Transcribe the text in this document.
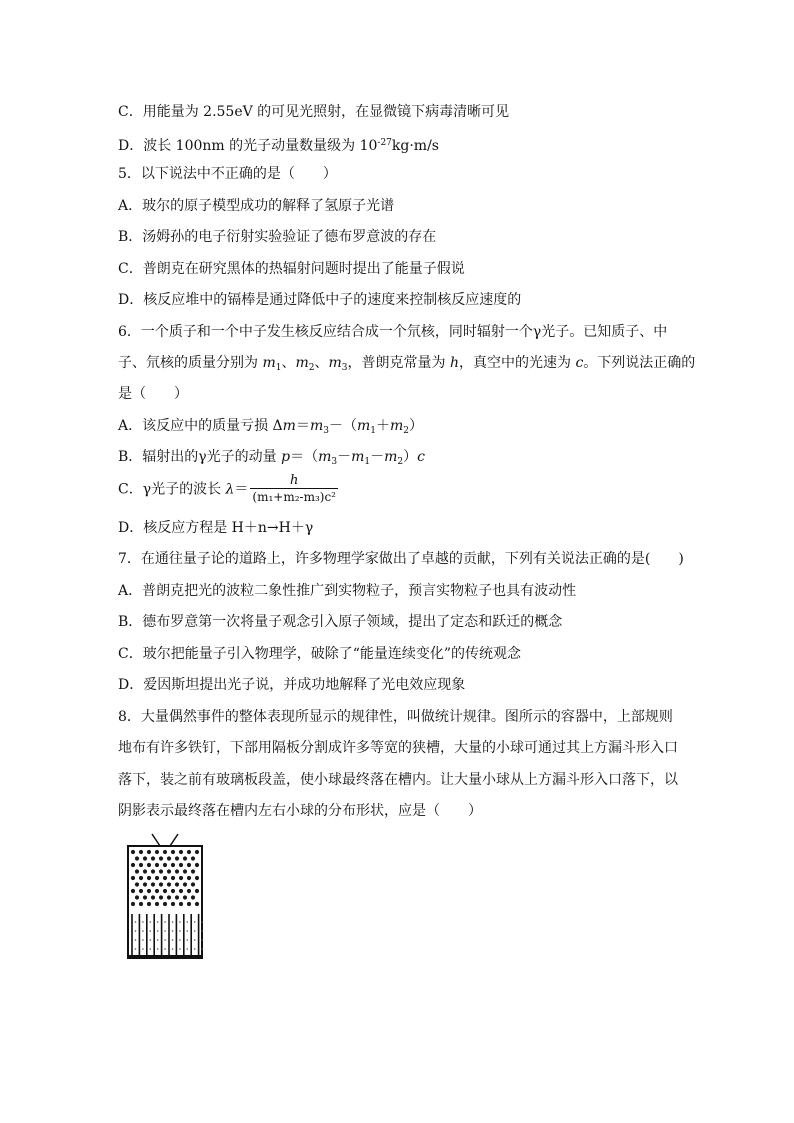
C．用能量为 2.55eV 的可见光照射，在显微镜下病毒清晰可见
D．波长 100nm 的光子动量数量级为 $10^{-27}kg\cdot m/s$
5．以下说法中不正确的是（　　）
A．玻尔的原子模型成功的解释了氢原子光谱
B．汤姆孙的电子衍射实验验证了德布罗意波的存在
C．普朗克在研究黑体的热辐射问题时提出了能量子假说
D．核反应堆中的镉棒是通过降低中子的速度来控制核反应速度的
6．一个质子和一个中子发生核反应结合成一个氘核，同时辐射一个γ光子。已知质子、中
子、氘核的质量分别为 $m_1$、$m_2$、$m_3$，普朗克常量为 h，真空中的光速为 c。下列说法正确的
是（　　）
A．该反应中的质量亏损 $\Delta m=m_3-(m_1+m_2)$
B．辐射出的γ光子的动量 $p=(m_3-m_1-m_2)c$
C．γ光子的波长 $\lambda= \frac{h}{\text{(m₁+m₂-m₃)c²}}$
D．核反应方程是 H＋n→H＋γ
7．在通往量子论的道路上，许多物理学家做出了卓越的贡献，下列有关说法正确的是(　　)
A．普朗克把光的波粒二象性推广到实物粒子，预言实物粒子也具有波动性
B．德布罗意第一次将量子观念引入原子领域，提出了定态和跃迁的概念
C．玻尔把能量子引入物理学，破除了“能量连续变化”的传统观念
D．爱因斯坦提出光子说，并成功地解释了光电效应现象
8．大量偶然事件的整体表现所显示的规律性，叫做统计规律。图所示的容器中，上部规则
地布有许多铁钉，下部用隔板分割成许多等宽的狭槽，大量的小球可通过其上方漏斗形入口
落下，装之前有玻璃板段盖，使小球最终落在槽内。让大量小球从上方漏斗形入口落下，以
阴影表示最终落在槽内左右小球的分布形状，应是（　　）
